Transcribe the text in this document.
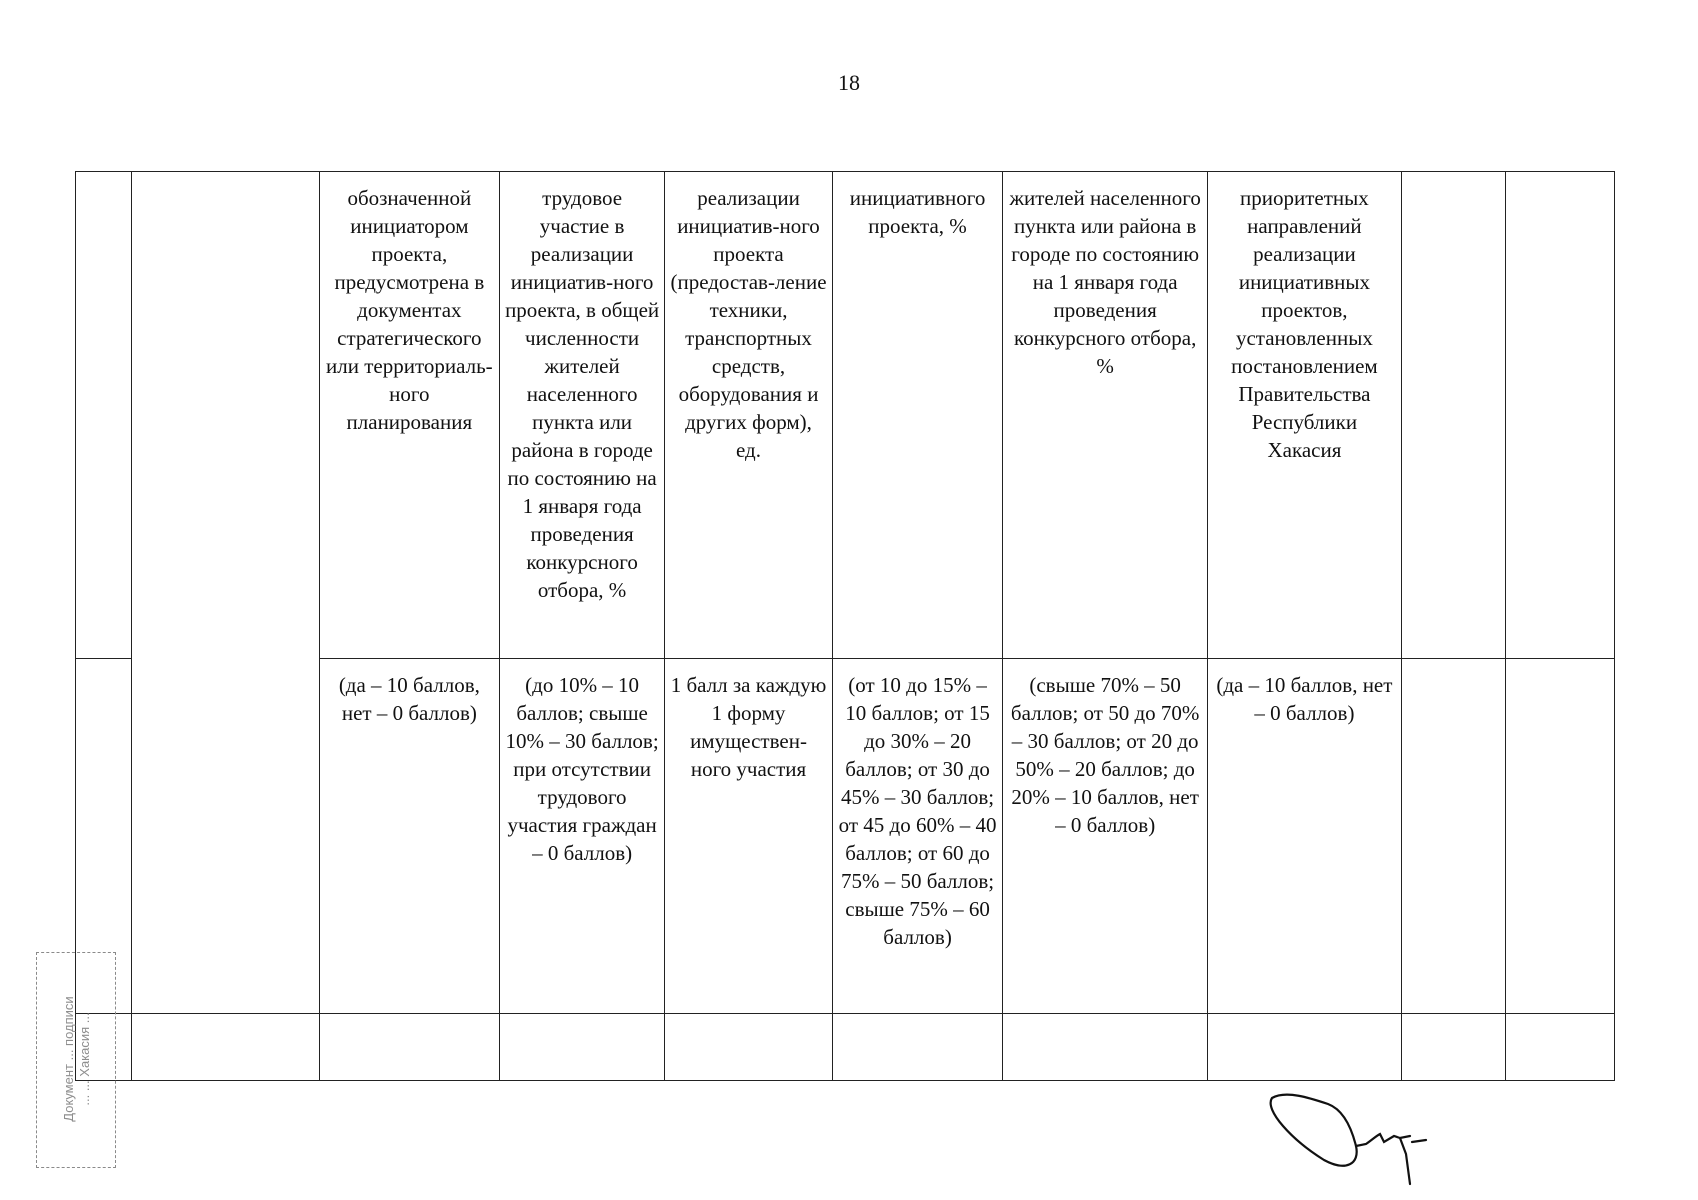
18
		обозначенной инициатором проекта, предусмотрена в документах стратегического или территориаль-ного планирования	трудовое участие в реализации инициатив-ного проекта, в общей численности жителей населенного пункта или района в городе по состоянию на 1 января года проведения конкурсного отбора, %	реализации инициатив-ного проекта (предостав-ление техники, транспортных средств, оборудования и других форм), ед.	инициативного проекта, %	жителей населенного пункта или района в городе по состоянию на 1 января года проведения конкурсного отбора, %	приоритетных направлений реализации инициативных проектов, установленных постановлением Правительства Республики Хакасия		
		(да – 10 баллов, нет – 0 баллов)	(до 10% – 10 баллов; свыше 10% – 30 баллов; при отсутствии трудового участия граждан – 0 баллов)	1 балл за каждую 1 форму имуществен-ного участия	(от 10 до 15% – 10 баллов; от 15 до 30% – 20 баллов; от 30 до 45% – 30 баллов; от 45 до 60% – 40 баллов; от 60 до 75% – 50 баллов; свыше 75% – 60 баллов)	(свыше 70% – 50 баллов; от 50 до 70% – 30 баллов; от 20 до 50% – 20 баллов; до 20% – 10 баллов, нет – 0 баллов)	(да – 10 баллов, нет – 0 баллов)		

Документ ... подписи ... ... Хакасия ...
